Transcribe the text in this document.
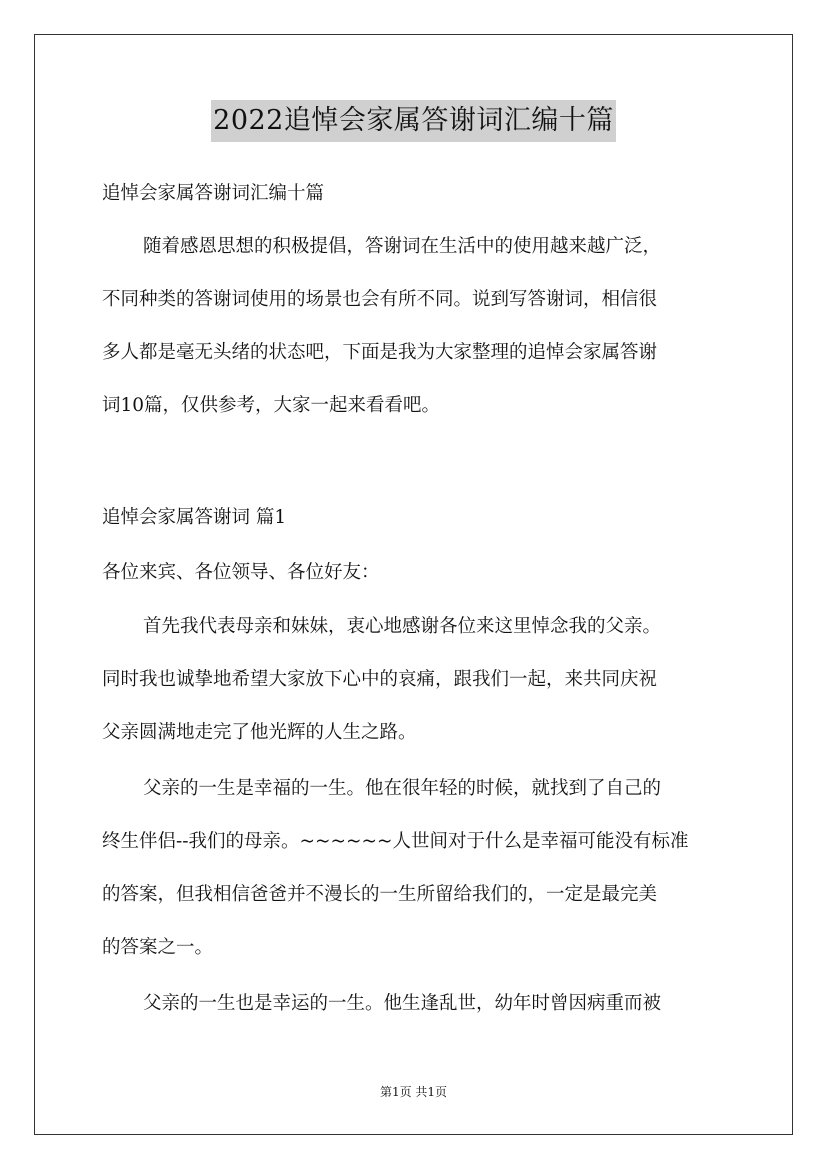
2022追悼会家属答谢词汇编十篇
追悼会家属答谢词汇编十篇
随着感恩思想的积极提倡，答谢词在生活中的使用越来越广泛，
不同种类的答谢词使用的场景也会有所不同。说到写答谢词，相信很
多人都是毫无头绪的状态吧，下面是我为大家整理的追悼会家属答谢
词10篇，仅供参考，大家一起来看看吧。
追悼会家属答谢词 篇1
各位来宾、各位领导、各位好友：
首先我代表母亲和妹妹，衷心地感谢各位来这里悼念我的父亲。
同时我也诚挚地希望大家放下心中的哀痛，跟我们一起，来共同庆祝
父亲圆满地走完了他光辉的人生之路。
父亲的一生是幸福的一生。他在很年轻的时候，就找到了自己的
终生伴侣--我们的母亲。~~~~~~人世间对于什么是幸福可能没有标准
的答案，但我相信爸爸并不漫长的一生所留给我们的，一定是最完美
的答案之一。
父亲的一生也是幸运的一生。他生逢乱世，幼年时曾因病重而被
第1页 共1页
